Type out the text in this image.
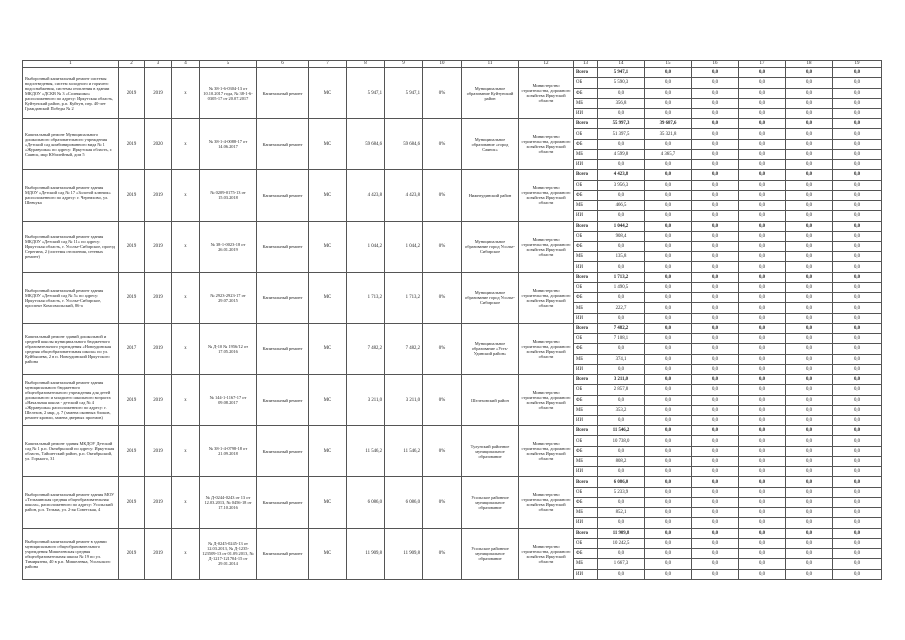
1	2	3	4	5	6	7	8	9	10	11	12	13	14	15	16	17	18	19
Выборочный капитальный ремонт системы водоотведения, систем холодного и горячего водоснабжения, системы отопления в здании МКДОУ «ДСКВ № 3 «Солнышко» расположенного по адресу: Иркутская область, Куйтунский район, р.п. Куйтун, пер. 40-лет Гражданской Победы № 2	2019	2019	х	№ 38-1-6-0304-13 от 10.10.2017 года, № 38-1-6-0305-17 от 20.07.2017	Капитальный ремонт	МС	5 947,1	5 947,1	0%	Муниципальное образование Куйтунский район	Министерство строительства, дорожного хозяйства Иркутской области	Всего	5 947,1	0,0	0,0	0,0	0,0	0,0
												ОБ	5 590,3	0,0	0,0	0,0	0,0	0,0
												ФБ	0,0	0,0	0,0	0,0	0,0	0,0
												МБ	356,8	0,0	0,0	0,0	0,0	0,0
												ИИ	0,0	0,0	0,0	0,0	0,0	0,0
Капитальный ремонт Муниципального дошкольного образовательного учреждения «Детский сад комбинированного вида № 1 «Журавушка» по адресу: Иркутская область, г. Саянск, мкр Юбилейный, дом 5	2019	2020	х	№ 38-1-4-0088-17 от 14.06.2017	Капитальный ремонт	МС	59 684,6	59 684,6	0%	Муниципальное образование «город Саянск»	Министерство строительства, дорожного хозяйства Иркутской области	Всего	55 997,3	39 687,6	0,0	0,0	0,0	0,0
												ОБ	51 397,5	35 321,8	0,0	0,0	0,0	0,0
												ФБ	0,0	0,0	0,0	0,0	0,0	0,0
												МБ	4 599,8	4 365,7	0,0	0,0	0,0	0,0
												ИИ	0,0	0,0	0,0	0,0	0,0	0,0
Выборочный капитальный ремонт здания МДОУ «Детский сад № 17 «Золотой ключик» расположенного по адресу: г. Черемхово, ул. Шевчука	2019	2019	х	№ 0209-0175-13 от 15.03.2018	Капитальный ремонт	МС	4 423,8	4 423,8	0%	Нижнеудинский район	Министерство строительства, дорожного хозяйства Иркутской области	Всего	4 423,8	0,0	0,0	0,0	0,0	0,0
												ОБ	3 956,3	0,0	0,0	0,0	0,0	0,0
												ФБ	0,0	0,0	0,0	0,0	0,0	0,0
												МБ	466,5	0,0	0,0	0,0	0,0	0,0
												ИИ	0,0	0,0	0,0	0,0	0,0	0,0
Выборочный капитальный ремонт здания МКДОУ «Детский сад № 11» по адресу: Иркутская область, г. Усолье-Сибирское, проезд Серегина, 2 (системы отопления, сетевых ремонт)	2019	2019	х	№ 38-1-0023-18 от 26.01.2019	Капитальный ремонт	МС	1 044,2	1 044,2	0%	Муниципальное образование город Усолье-Сибирское	Министерство строительства, дорожного хозяйства Иркутской области	Всего	1 044,2	0,0	0,0	0,0	0,0	0,0
												ОБ	908,4	0,0	0,0	0,0	0,0	0,0
												ФБ	0,0	0,0	0,0	0,0	0,0	0,0
												МБ	135,8	0,0	0,0	0,0	0,0	0,0
												ИИ	0,0	0,0	0,0	0,0	0,0	0,0
Выборочный капитальный ремонт здания МКДОУ «Детский сад № 5» по адресу: Иркутская область, г. Усолье-Сибирское, проспект Комсомольский, 86-а	2019	2019	х	№ 2923-2923-17 от 29.07.2015	Капитальный ремонт	МС	1 713,2	1 713,2	0%	Муниципальное образование город Усолье-Сибирское	Министерство строительства, дорожного хозяйства Иркутской области	Всего	1 713,2	0,0	0,0	0,0	0,0	0,0
												ОБ	1 490,5	0,0	0,0	0,0	0,0	0,0
												ФБ	0,0	0,0	0,0	0,0	0,0	0,0
												МБ	222,7	0,0	0,0	0,0	0,0	0,0
												ИИ	0,0	0,0	0,0	0,0	0,0	0,0
Капитальный ремонт зданий дошкольной и средней школы муниципального бюджетного образовательного учреждения «Новоудинская средняя общеобразовательная школа» по ул. Куйбышева, 2 в п. Новоудинский Иркутского района	2017	2019	х	№ Д-10 № 1956/12 от 17.05.2016	Капитальный ремонт	МС	7 482,2	7 482,2	0%	Муниципальное образование «Усть-Удинский район»	Министерство строительства, дорожного хозяйства Иркутской области	Всего	7 482,2	0,0	0,0	0,0	0,0	0,0
												ОБ	7 108,1	0,0	0,0	0,0	0,0	0,0
												ФБ	0,0	0,0	0,0	0,0	0,0	0,0
												МБ	374,1	0,0	0,0	0,0	0,0	0,0
												ИИ	0,0	0,0	0,0	0,0	0,0	0,0
Выборочный капитальный ремонт здания муниципального бюджетного общеобразовательного учреждения для детей дошкольного и младшего школьного возраста «Начальная школа - детский сад № 4 «Журавушка» расположенного по адресу: г. Шелехов, 2 мкр, д. 7 (замена оконных блоков, ремонт кровли, замена дверных проемов)	2019	2019	х	№ 144-1-1167-17 от 09.08.2017	Капитальный ремонт	МС	3 211,0	3 211,0	0%	Шелеховский район	Министерство строительства, дорожного хозяйства Иркутской области	Всего	3 211,0	0,0	0,0	0,0	0,0	0,0
												ОБ	2 857,8	0,0	0,0	0,0	0,0	0,0
												ФБ	0,0	0,0	0,0	0,0	0,0	0,0
												МБ	353,2	0,0	0,0	0,0	0,0	0,0
												ИИ	0,0	0,0	0,0	0,0	0,0	0,0
Капитальный ремонт здания МКДОУ Детский сад № 1 р.п. Октябрьский по адресу: Иркутская область, Тайшетский район, р.п. Октябрьский, ул. Горького, 31	2019	2019	х	№ 38-1-4-0798-18 от 21.09.2018	Капитальный ремонт	МС	11 546,2	11 546,2	0%	Тулунский районное муниципальное образование	Министерство строительства, дорожного хозяйства Иркутской области	Всего	11 546,2	0,0	0,0	0,0	0,0	0,0
												ОБ	10 738,0	0,0	0,0	0,0	0,0	0,0
												ФБ	0,0	0,0	0,0	0,0	0,0	0,0
												МБ	808,2	0,0	0,0	0,0	0,0	0,0
												ИИ	0,0	0,0	0,0	0,0	0,0	0,0
Выборочный капитальный ремонт здания МОУ «Тельминская средняя общеобразовательная школа», расположенного по адресу: Усольский район, р.п. Тельма, ул. 2-ая Советская, 4	2019	2019	х	№ Д-0244-0243 от 13 от 12.03.2013, № 0456-18 от 17.10.2016	Капитальный ремонт	МС	6 086,0	6 086,0	0%	Усольское районное муниципальное образование	Министерство строительства, дорожного хозяйства Иркутской области	Всего	6 086,0	0,0	0,0	0,0	0,0	0,0
												ОБ	5 233,9	0,0	0,0	0,0	0,0	0,0
												ФБ	0,0	0,0	0,0	0,0	0,0	0,0
												МБ	852,1	0,0	0,0	0,0	0,0	0,0
												ИИ	0,0	0,0	0,0	0,0	0,0	0,0
Выборочный капитальный ремонт в здании муниципального общеобразовательного учреждения Мишелевская средняя общеобразовательная школа № 19 по ул. Тимирязева, 40 в р.п. Мишелевка, Усольского района	2019	2019	х	№ Д-0245-0245-13 от 12.03.2013, № Д-1235-123509-13 от 01.09.2013, № Д-1217-121704-15 от 29.01.2014	Капитальный ремонт	МС	11 909,8	11 909,8	0%	Усольское районное муниципальное образование	Министерство строительства, дорожного хозяйства Иркутской области	Всего	11 909,8	0,0	0,0	0,0	0,0	0,0
												ОБ	10 242,5	0,0	0,0	0,0	0,0	0,0
												ФБ	0,0	0,0	0,0	0,0	0,0	0,0
												МБ	1 667,3	0,0	0,0	0,0	0,0	0,0
												ИИ	0,0	0,0	0,0	0,0	0,0	0,0
